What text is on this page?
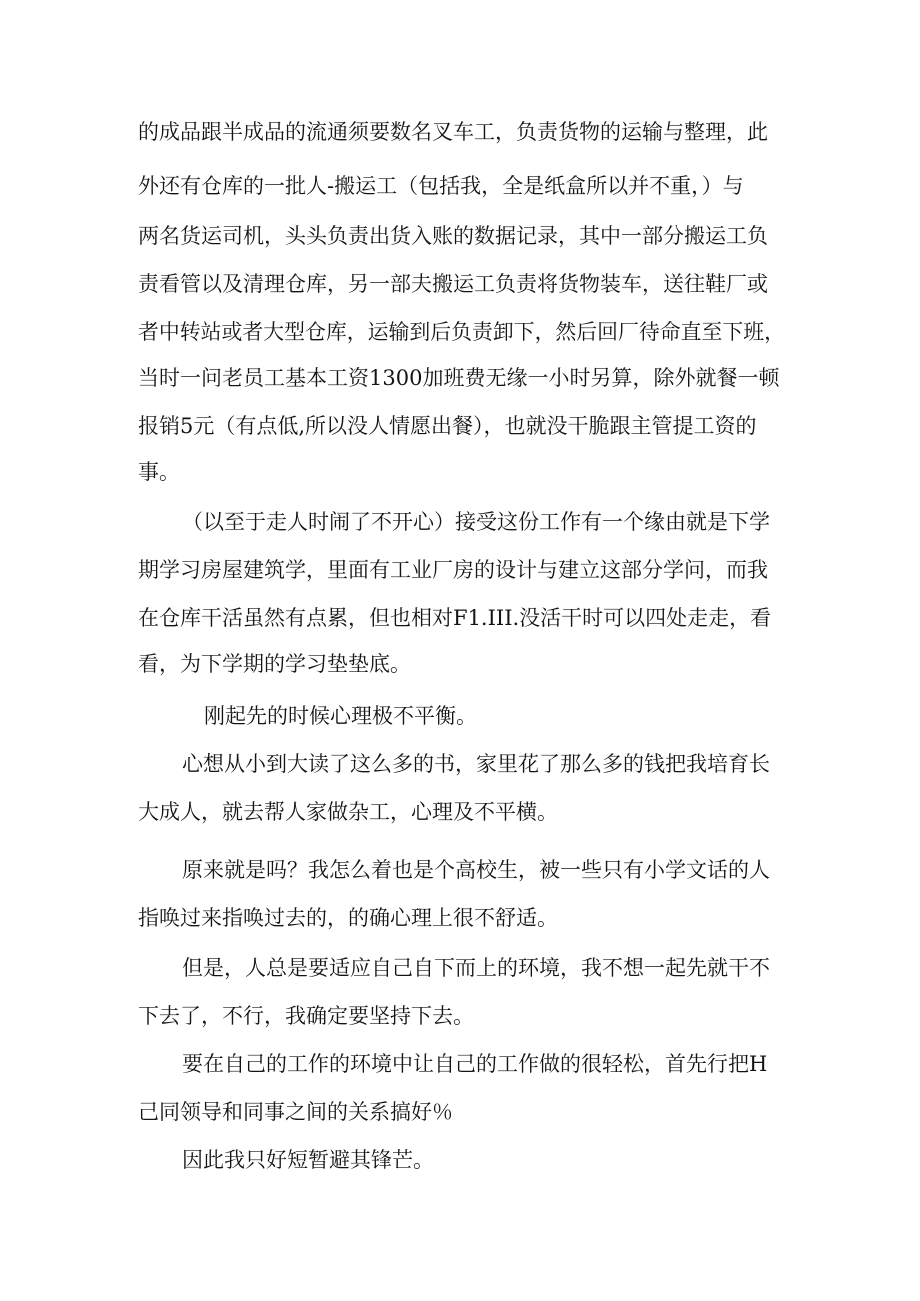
的成品跟半成品的流通须要数名叉车工，负责货物的运输与整理，此
外还有仓库的一批人-搬运工（包括我，全是纸盒所以并不重，）与
两名货运司机，头头负责出货入账的数据记录，其中一部分搬运工负
责看管以及清理仓库，另一部夫搬运工负责将货物装车，送往鞋厂或
者中转站或者大型仓库，运输到后负责卸下，然后回厂待命直至下班，
当时一问老员工基本工资1300加班费无缘一小时另算，除外就餐一顿
报销5元（有点低,所以没人情愿出餐），也就没干脆跟主管提工资的
事。
（以至于走人时闹了不开心）接受这份工作有一个缘由就是下学
期学习房屋建筑学，里面有工业厂房的设计与建立这部分学问，而我
在仓库干活虽然有点累，但也相对F1.III.没活干时可以四处走走，看
看，为下学期的学习垫垫底。
刚起先的时候心理极不平衡。
心想从小到大读了这么多的书，家里花了那么多的钱把我培育长
大成人，就去帮人家做杂工，心理及不平横。
原来就是吗？我怎么着也是个高校生，被一些只有小学文话的人
指唤过来指唤过去的，的确心理上很不舒适。
但是，人总是要适应自己自下而上的环境，我不想一起先就干不
下去了，不行，我确定要坚持下去。
要在自己的工作的环境中让自己的工作做的很轻松，首先行把H
己同领导和同事之间的关系搞好％
因此我只好短暂避其锋芒。
